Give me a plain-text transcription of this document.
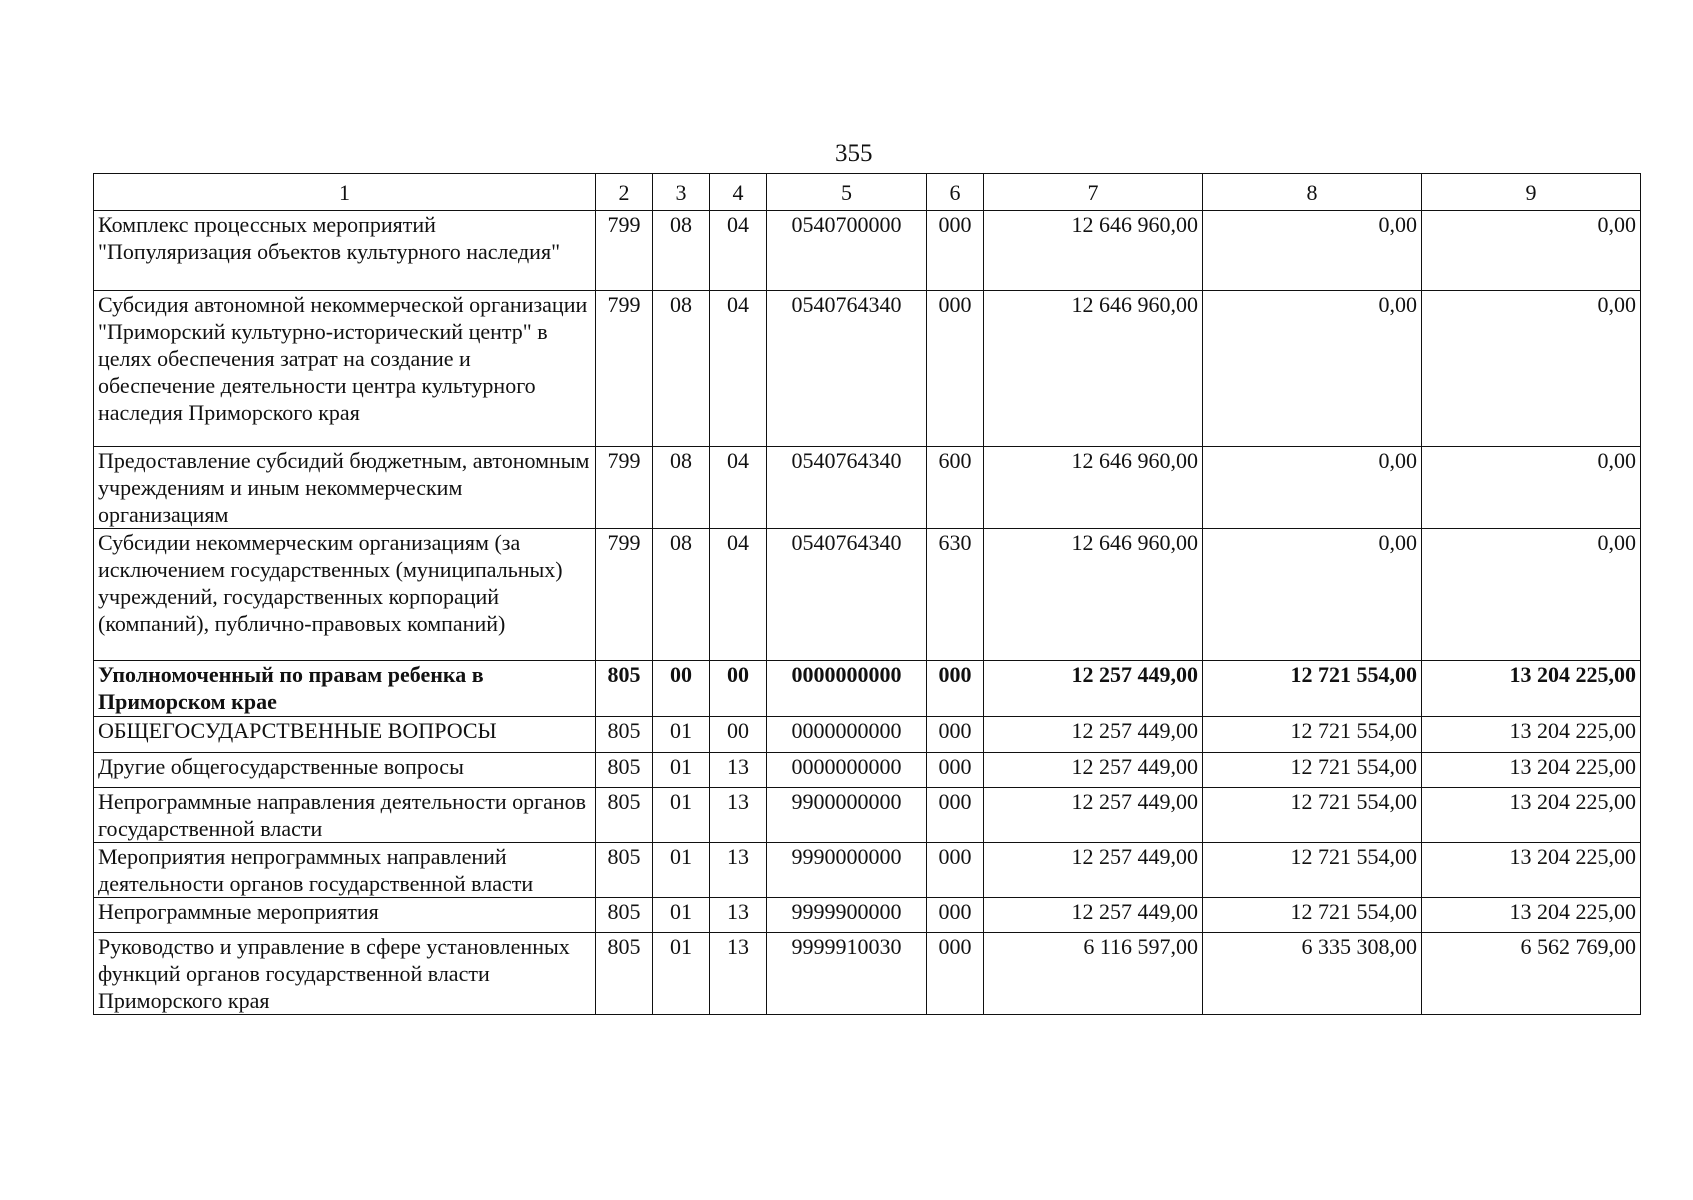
355
1	2	3	4	5	6	7	8	9
Комплекс процессных мероприятий "Популяризация объектов культурного наследия"	799	08	04	0540700000	000	12 646 960,00	0,00	0,00
Субсидия автономной некоммерческой организации "Приморский культурно-исторический центр" в целях обеспечения затрат на создание и обеспечение деятельности центра культурного наследия Приморского края	799	08	04	0540764340	000	12 646 960,00	0,00	0,00
Предоставление субсидий бюджетным, автономным учреждениям и иным некоммерческим организациям	799	08	04	0540764340	600	12 646 960,00	0,00	0,00
Субсидии некоммерческим организациям (за исключением государственных (муниципальных) учреждений, государственных корпораций (компаний), публично-правовых компаний)	799	08	04	0540764340	630	12 646 960,00	0,00	0,00
Уполномоченный по правам ребенка в Приморском крае	805	00	00	0000000000	000	12 257 449,00	12 721 554,00	13 204 225,00
ОБЩЕГОСУДАРСТВЕННЫЕ ВОПРОСЫ	805	01	00	0000000000	000	12 257 449,00	12 721 554,00	13 204 225,00
Другие общегосударственные вопросы	805	01	13	0000000000	000	12 257 449,00	12 721 554,00	13 204 225,00
Непрограммные направления деятельности органов государственной власти	805	01	13	9900000000	000	12 257 449,00	12 721 554,00	13 204 225,00
Мероприятия непрограммных направлений деятельности органов государственной власти	805	01	13	9990000000	000	12 257 449,00	12 721 554,00	13 204 225,00
Непрограммные мероприятия	805	01	13	9999900000	000	12 257 449,00	12 721 554,00	13 204 225,00
Руководство и управление в сфере установленных функций органов государственной власти Приморского края	805	01	13	9999910030	000	6 116 597,00	6 335 308,00	6 562 769,00
